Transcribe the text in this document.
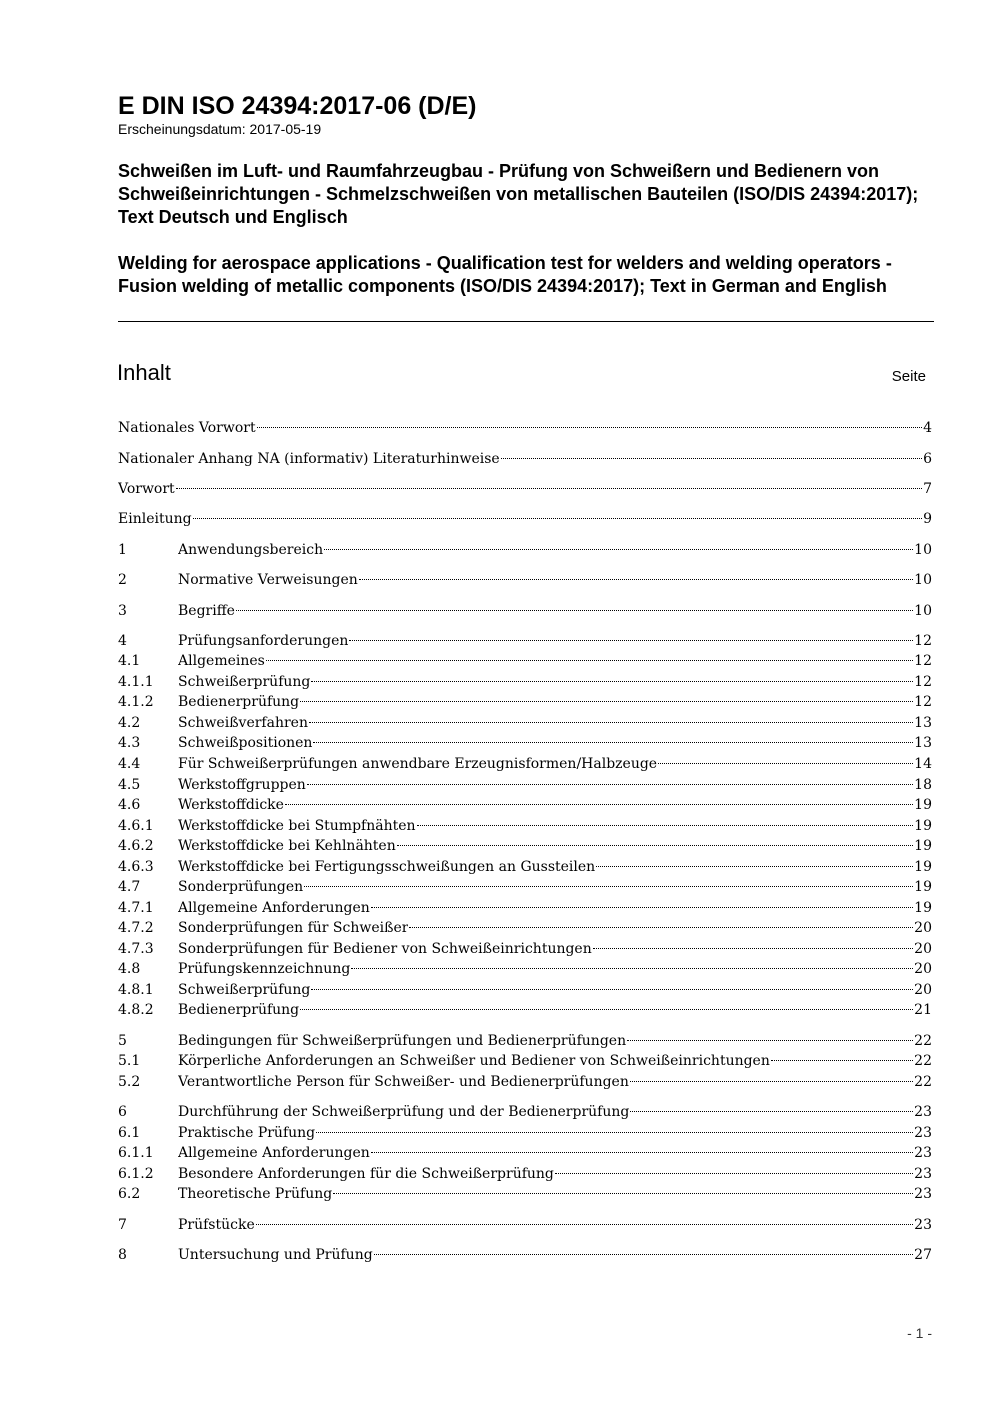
E DIN ISO 24394:2017-06 (D/E)
Erscheinungsdatum: 2017-05-19

Schweißen im Luft- und Raumfahrzeugbau - Prüfung von Schweißern und Bedienern von Schweißeinrichtungen - Schmelzschweißen von metallischen Bauteilen (ISO/DIS 24394:2017); Text Deutsch und Englisch

Welding for aerospace applications - Qualification test for welders and welding operators - Fusion welding of metallic components (ISO/DIS 24394:2017); Text in German and English

Inhalt	Seite
Nationales Vorwort	4
Nationaler Anhang NA (informativ) Literaturhinweise	6
Vorwort	7
Einleitung	9
1	Anwendungsbereich	10
2	Normative Verweisungen	10
3	Begriffe	10
4	Prüfungsanforderungen	12
4.1	Allgemeines	12
4.1.1	Schweißerprüfung	12
4.1.2	Bedienerprüfung	12
4.2	Schweißverfahren	13
4.3	Schweißpositionen	13
4.4	Für Schweißerprüfungen anwendbare Erzeugnisformen/Halbzeuge	14
4.5	Werkstoffgruppen	18
4.6	Werkstoffdicke	19
4.6.1	Werkstoffdicke bei Stumpfnähten	19
4.6.2	Werkstoffdicke bei Kehlnähten	19
4.6.3	Werkstoffdicke bei Fertigungsschweißungen an Gussteilen	19
4.7	Sonderprüfungen	19
4.7.1	Allgemeine Anforderungen	19
4.7.2	Sonderprüfungen für Schweißer	20
4.7.3	Sonderprüfungen für Bediener von Schweißeinrichtungen	20
4.8	Prüfungskennzeichnung	20
4.8.1	Schweißerprüfung	20
4.8.2	Bedienerprüfung	21
5	Bedingungen für Schweißerprüfungen und Bedienerprüfungen	22
5.1	Körperliche Anforderungen an Schweißer und Bediener von Schweißeinrichtungen	22
5.2	Verantwortliche Person für Schweißer- und Bedienerprüfungen	22
6	Durchführung der Schweißerprüfung und der Bedienerprüfung	23
6.1	Praktische Prüfung	23
6.1.1	Allgemeine Anforderungen	23
6.1.2	Besondere Anforderungen für die Schweißerprüfung	23
6.2	Theoretische Prüfung	23
7	Prüfstücke	23
8	Untersuchung und Prüfung	27
- 1 -
